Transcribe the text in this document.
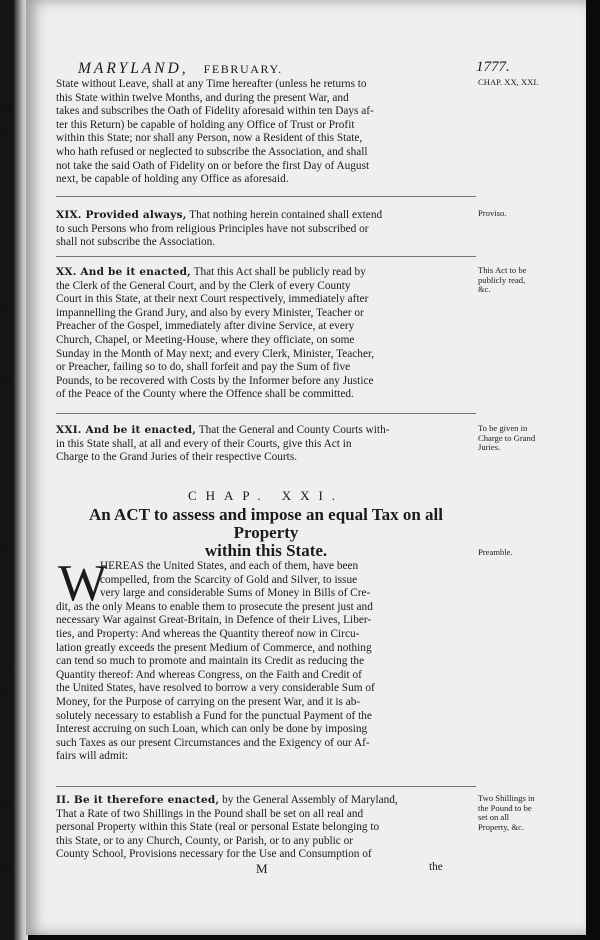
ic
to
y,
e
ie
to
e-
d
iy
e
to
d
is
ie
te
MARYLAND, FEBRUARY.	1777.
CHAP. XX, XXI.

State without Leave, shall at any Time hereafter (unless he returns to

this State within twelve Months, and during the present War, and

takes and subscribes the Oath of Fidelity aforesaid within ten Days af-

ter this Return) be capable of holding any Office of Trust or Profit

within this State; nor shall any Person, now a Resident of this State,

who hath refused or neglected to subscribe the Association, and shall

not take the said Oath of Fidelity on or before the first Day of August

next, be capable of holding any Office as aforesaid.

Proviso.

XIX. Provided always, That nothing herein contained shall extend

to such Persons who from religious Principles have not subscribed or

shall not subscribe the Association.

This Act to be publicly read, &c.

XX. And be it enacted, That this Act shall be publicly read by

the Clerk of the General Court, and by the Clerk of every County

Court in this State, at their next Court respectively, immediately after

impannelling the Grand Jury, and also by every Minister, Teacher or

Preacher of the Gospel, immediately after divine Service, at every

Church, Chapel, or Meeting-House, where they officiate, on some

Sunday in the Month of May next; and every Clerk, Minister, Teacher,

or Preacher, failing so to do, shall forfeit and pay the Sum of five

Pounds, to be recovered with Costs by the Informer before any Justice

of the Peace of the County where the Offence shall be committed.

To be given in Charge to Grand Juries.

XXI. And be it enacted, That the General and County Courts with-

in this State shall, at all and every of their Courts, give this Act in

Charge to the Grand Juries of their respective Courts.

CHAP. XXI.
An ACT to assess and impose an equal Tax on all Property
within this State.	Preamble.
W

HEREAS the United States, and each of them, have been

compelled, from the Scarcity of Gold and Silver, to issue

very large and considerable Sums of Money in Bills of Cre-

dit, as the only Means to enable them to prosecute the present just and

necessary War against Great-Britain, in Defence of their Lives, Liber-

ties, and Property: And whereas the Quantity thereof now in Circu-

lation greatly exceeds the present Medium of Commerce, and nothing

can tend so much to promote and maintain its Credit as reducing the

Quantity thereof: And whereas Congress, on the Faith and Credit of

the United States, have resolved to borrow a very considerable Sum of

Money, for the Purpose of carrying on the present War, and it is ab-

solutely necessary to establish a Fund for the punctual Payment of the

Interest accruing on such Loan, which can only be done by imposing

such Taxes as our present Circumstances and the Exigency of our Af-

fairs will admit:

Two Shillings in the Pound to be set on all Property, &c.

II. Be it therefore enacted, by the General Assembly of Maryland,

That a Rate of two Shillings in the Pound shall be set on all real and

personal Property within this State (real or personal Estate belonging to

this State, or to any Church, County, or Parish, or to any public or

County School, Provisions necessary for the Use and Consumption of

M	the
